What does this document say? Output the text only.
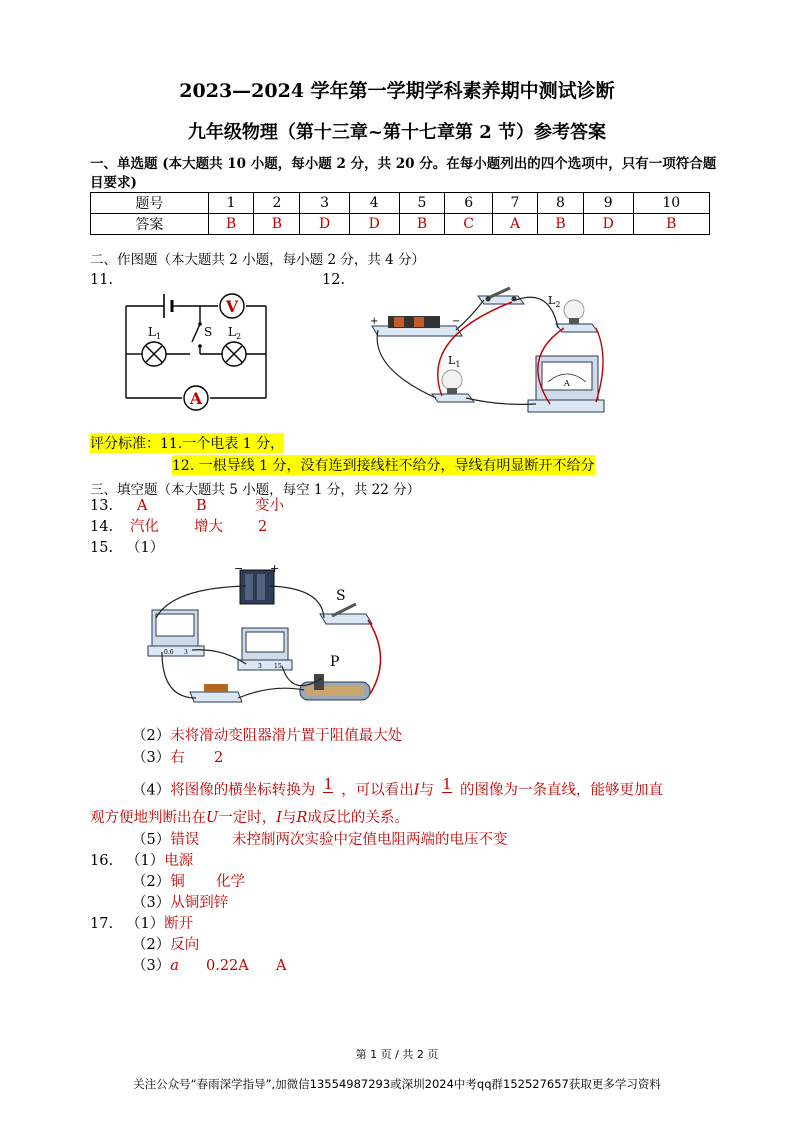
2023—2024 学年第一学期学科素养期中测试诊断
九年级物理（第十三章~第十七章第 2 节）参考答案
一、单选题 (本大题共 10 小题，每小题 2 分，共 20 分。在每小题列出的四个选项中，只有一项符合题
目要求)
题号	1	2	3	4	5	6	7	8	9	10
答案	B	B	D	D	B	C	A	B	D	B
二、作图题（本大题共 2 小题，每小题 2 分，共 4 分）
11.	12.
V
A
$L_1$	$L_2$
S
+	−
$L_2$
$L_1$
A
评分标准：11.一个电表 1 分，
12. 一根导线 1 分，没有连到接线柱不给分，导线有明显断开不给分
三、填空题（本大题共 5 小题，每空 1 分，共 22 分）
13. A	B	变小
14. 汽化 增大 2
15. （1）
− +
S
0.6 3
3 15	P
（2）未将滑动变阻器滑片置于阻值最大处
（3）右 2
（4）将图像的横坐标转换为 1 ，可以看出I与 1 的图像为一条直线，能够更加直
观方便地判断出在U一定时，I与R成反比的关系。
（5）错误 未控制两次实验中定值电阻两端的电压不变
16. （1）电源
（2）铜 化学
（3）从铜到锌
17. （1）断开
（2）反向
（3）a 0.22A A
第 1 页 / 共 2 页
关注公众号“春雨深学指导”,加微信13554987293或深圳2024中考qq群152527657获取更多学习资料
